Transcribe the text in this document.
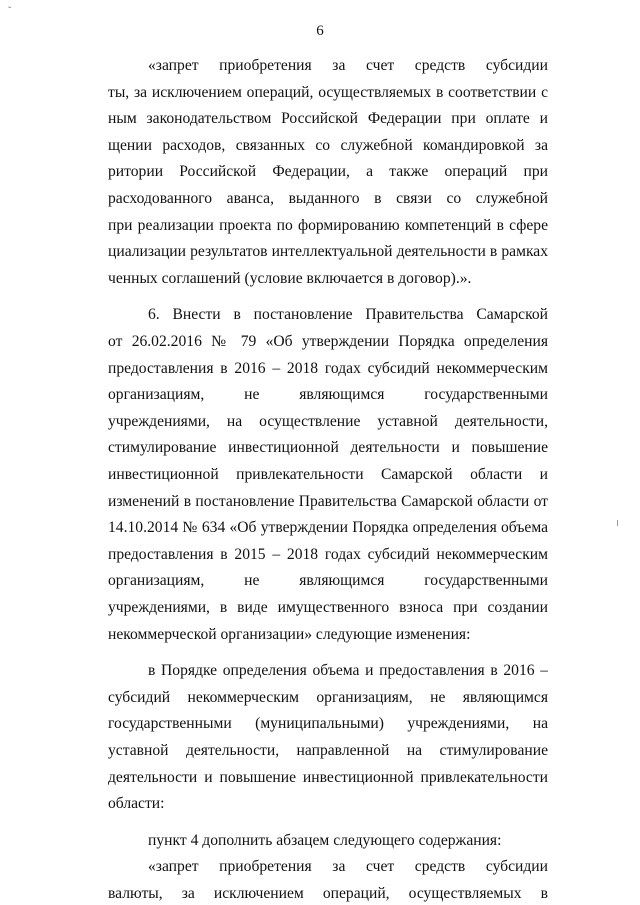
ˇ
6
«запрет приобретения за счет средств субсидии
ты, за исключением операций, осуществляемых в соответствии с
ным законодательством Российской Федерации при оплате и
щении расходов, связанных со служебной командировкой за
ритории Российской Федерации, а также операций при
расходованного аванса, выданного в связи со служебной
при реализации проекта по формированию компетенций в сфере
циализации результатов интеллектуальной деятельности в рамках
ченных соглашений (условие включается в договор).».
6. Внести в постановление Правительства Самарской
от 26.02.2016 № 79 «Об утверждении Порядка определения
предоставления в 2016 – 2018 годах субсидий некоммерческим
организациям, не являющимся государственными
учреждениями, на осуществление уставной деятельности,
стимулирование инвестиционной деятельности и повышение
инвестиционной привлекательности Самарской области и
изменений в постановление Правительства Самарской области от
14.10.2014 № 634 «Об утверждении Порядка определения объема
предоставления в 2015 – 2018 годах субсидий некоммерческим
организациям, не являющимся государственными
учреждениями, в виде имущественного взноса при создании
некоммерческой организации» следующие изменения:
в Порядке определения объема и предоставления в 2016 –
субсидий некоммерческим организациям, не являющимся
государственными (муниципальными) учреждениями, на
уставной деятельности, направленной на стимулирование
деятельности и повышение инвестиционной привлекательности
области:
пункт 4 дополнить абзацем следующего содержания:
«запрет приобретения за счет средств субсидии
валюты, за исключением операций, осуществляемых в
